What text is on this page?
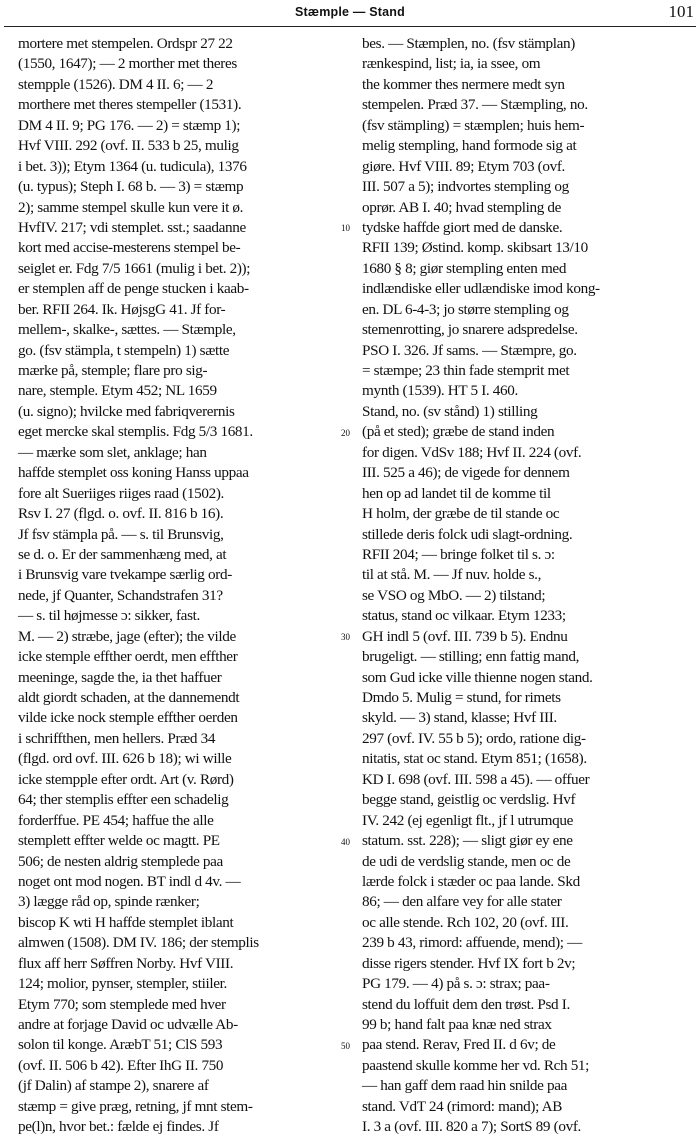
Stæmple — Stand	101
mortere met stempelen. Ordspr 27 22
(1550, 1647); — 2 morther met theres
stempple (1526). DM 4 II. 6; — 2
morthere met theres stempeller (1531).
DM 4 II. 9; PG 176. — 2) = stæmp 1);
Hvf VIII. 292 (ovf. II. 533 b 25, mulig
i bet. 3)); Etym 1364 (u. tudicula), 1376
(u. typus); Steph I. 68 b. — 3) = stæmp
2); samme stempel skulle kun vere it ø.
HvfIV. 217; vdi stemplet. sst.; saadanne
kort med accise-mesterens stempel be-
seiglet er. Fdg 7/5 1661 (mulig i bet. 2));
er stemplen aff de penge stucken i kaab-
ber. RFII 264. Ik. HøjsgG 41. Jf for-
mellem-, skalke-, sættes. — Stæmple,
go. (fsv stämpla, t stempeln) 1) sætte
mærke på, stemple; flare pro sig-
nare, stemple. Etym 452; NL 1659
(u. signo); hvilcke med fabriqverernis
eget mercke skal stemplis. Fdg 5/3 1681.
— mærke som slet, anklage; han
haffde stemplet oss koning Hanss uppaa
fore alt Sueriiges riiges raad (1502).
Rsv I. 27 (flgd. o. ovf. II. 816 b 16).
Jf fsv stämpla på. — s. til Brunsvig,
se d. o. Er der sammenhæng med, at
i Brunsvig vare tvekampe særlig ord-
nede, jf Quanter, Schandstrafen 31?
— s. til højmesse ɔ: sikker, fast.
M. — 2) stræbe, jage (efter); the vilde
icke stemple effther oerdt, men effther
meeninge, sagde the, ia thet haffuer
aldt giordt schaden, at the dannemendt
vilde icke nock stemple effther oerden
i schriffthen, men hellers. Præd 34
(flgd. ord ovf. III. 626 b 18); wi wille
icke stempple efter ordt. Art (v. Rørd)
64; ther stemplis effter een schadelig
forderffue. PE 454; haffue the alle
stemplett effter welde oc magtt. PE
506; de nesten aldrig stemplede paa
noget ont mod nogen. BT indl d 4v. —
3) lægge råd op, spinde rænker;
biscop K wti H haffde stemplet iblant
almwen (1508). DM IV. 186; der stemplis
flux aff herr Søffren Norby. Hvf VIII.
124; molior, pynser, stempler, stiiler.
Etym 770; som stemplede med hver
andre at forjage David oc udvælle Ab-
solon til konge. AræbT 51; ClS 593
(ovf. II. 506 b 42). Efter IhG II. 750
(jf Dalin) af stampe 2), snarere af
stæmp = give præg, retning, jf mnt stem-
pe(l)n, hvor bet.: fælde ej findes. Jf
10
20
30
40
50
bes. — Stæmplen, no. (fsv stämplan)
rænkespind, list; ia, ia ssee, om
the kommer thes nermere medt syn
stempelen. Præd 37. — Stæmpling, no.
(fsv stämpling) = stæmplen; huis hem-
melig stempling, hand formode sig at
giøre. Hvf VIII. 89; Etym 703 (ovf.
III. 507 a 5); indvortes stempling og
oprør. AB I. 40; hvad stempling de
tydske haffde giort med de danske.
RFII 139; Østind. komp. skibsart 13/10
1680 § 8; giør stempling enten med
indlændiske eller udlændiske imod kong-
en. DL 6-4-3; jo større stempling og
stemenrotting, jo snarere adspredelse.
PSO I. 326. Jf sams. — Stæmpre, go.
= stæmpe; 23 thin fade stemprit met
mynth (1539). HT 5 I. 460.
Stand, no. (sv stånd) 1) stilling
(på et sted); græbe de stand inden
for digen. VdSv 188; Hvf II. 224 (ovf.
III. 525 a 46); de vigede for dennem
hen op ad landet til de komme til
H holm, der græbe de til stande oc
stillede deris folck udi slagt-ordning.
RFII 204; — bringe folket til s. ɔ:
til at stå. M. — Jf nuv. holde s.,
se VSO og MbO. — 2) tilstand;
status, stand oc vilkaar. Etym 1233;
GH indl 5 (ovf. III. 739 b 5). Endnu
brugeligt. — stilling; enn fattig mand,
som Gud icke ville thienne nogen stand.
Dmdo 5. Mulig = stund, for rimets
skyld. — 3) stand, klasse; Hvf III.
297 (ovf. IV. 55 b 5); ordo, ratione dig-
nitatis, stat oc stand. Etym 851; (1658).
KD I. 698 (ovf. III. 598 a 45). — offuer
begge stand, geistlig oc verdslig. Hvf
IV. 242 (ej egenligt flt., jf l utrumque
statum. sst. 228); — sligt giør ey ene
de udi de verdslig stande, men oc de
lærde folck i stæder oc paa lande. Skd
86; — den alfare vey for alle stater
oc alle stende. Rch 102, 20 (ovf. III.
239 b 43, rimord: affuende, mend); —
disse rigers stender. Hvf IX fort b 2v;
PG 179. — 4) på s. ɔ: strax; paa-
stend du loffuit dem den trøst. Psd I.
99 b; hand falt paa knæ ned strax
paa stend. Rerav, Fred II. d 6v; de
paastend skulle komme her vd. Rch 51;
— han gaff dem raad hin snilde paa
stand. VdT 24 (rimord: mand); AB
I. 3 a (ovf. III. 820 a 7); SortS 89 (ovf.
